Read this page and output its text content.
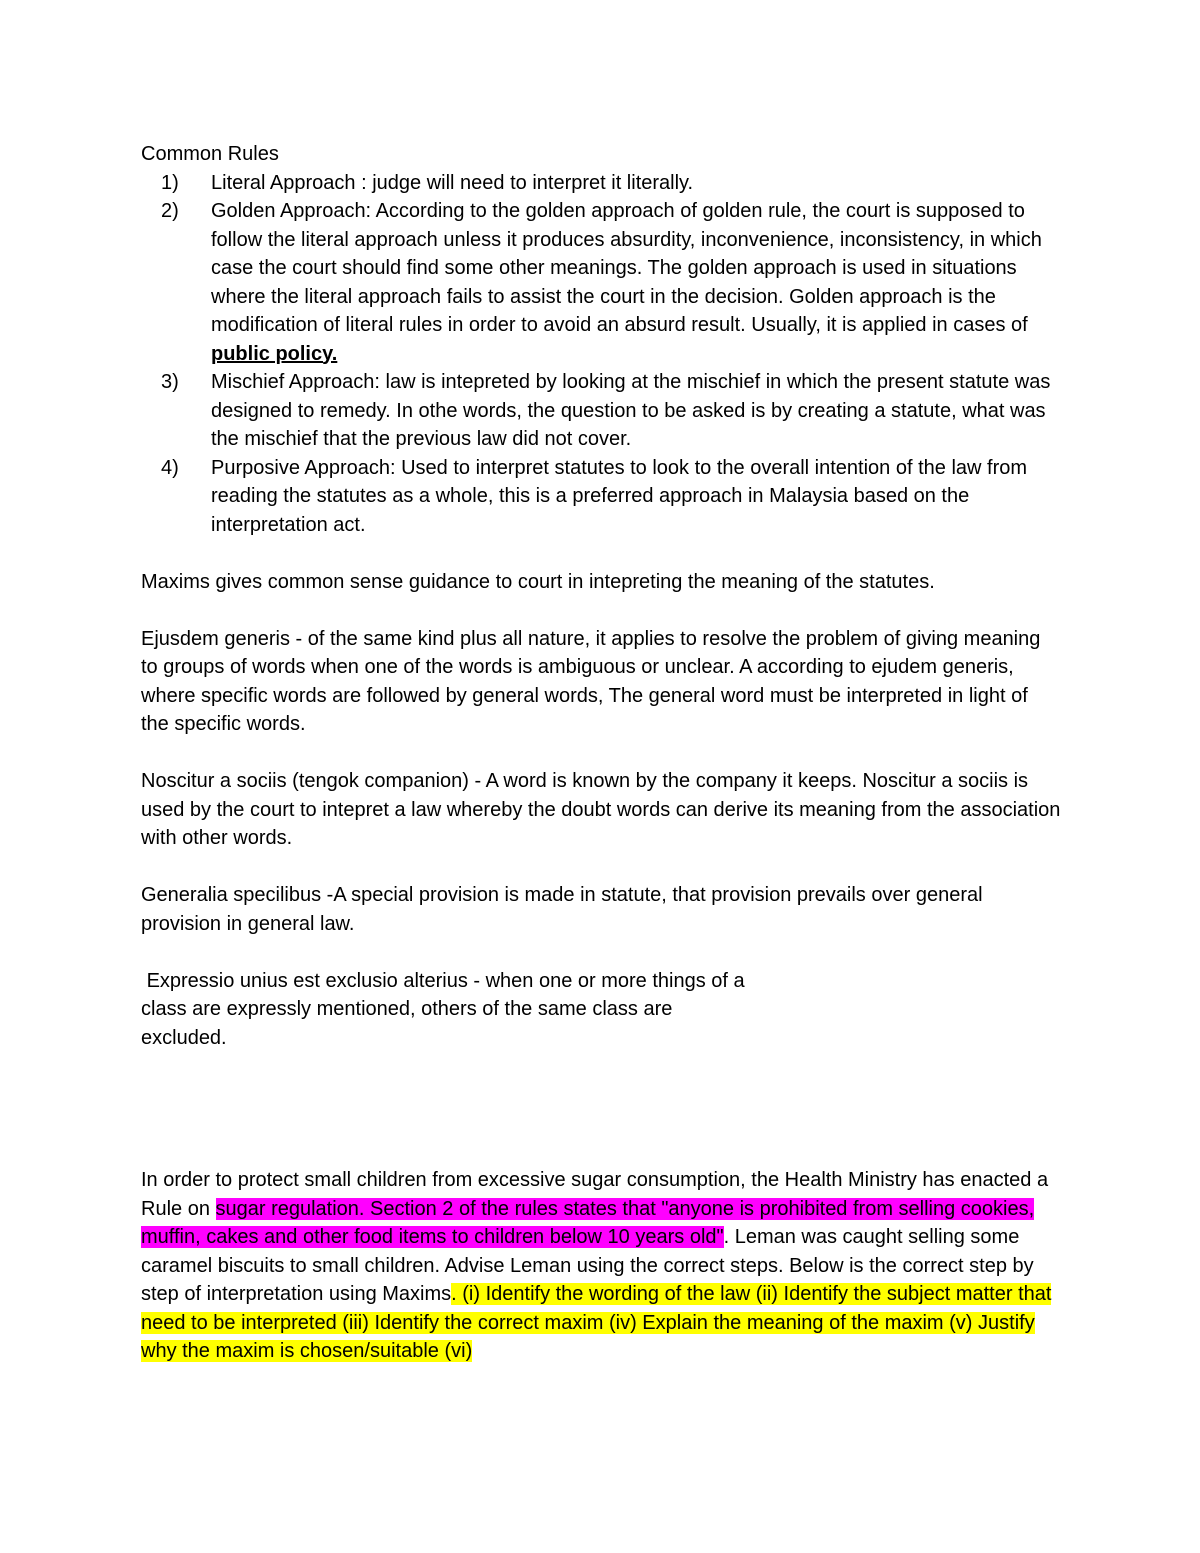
Common Rules

1) Literal Approach : judge will need to interpret it literally.
2) Golden Approach: According to the golden approach of golden rule, the court is supposed to follow the literal approach unless it produces absurdity, inconvenience, inconsistency, in which case the court should find some other meanings. The golden approach is used in situations where the literal approach fails to assist the court in the decision. Golden approach is the modification of literal rules in order to avoid an absurd result. Usually, it is applied in cases of public policy.
3) Mischief Approach: law is intepreted by looking at the mischief in which the present statute was designed to remedy. In othe words, the question to be asked is by creating a statute, what was the mischief that the previous law did not cover.
4) Purposive Approach: Used to interpret statutes to look to the overall intention of the law from reading the statutes as a whole, this is a preferred approach in Malaysia based on the interpretation act.

Maxims gives common sense guidance to court in intepreting the meaning of the statutes.

Ejusdem generis - of the same kind plus all nature, it applies to resolve the problem of giving meaning to groups of words when one of the words is ambiguous or unclear. A according to ejudem generis, where specific words are followed by general words, The general word must be interpreted in light of the specific words.

Noscitur a sociis (tengok companion) - A word is known by the company it keeps. Noscitur a sociis is used by the court to intepret a law whereby the doubt words can derive its meaning from the association with other words.

Generalia specilibus -A special provision is made in statute, that provision prevails over general provision in general law.

Expressio unius est exclusio alterius - when one or more things of a class are expressly mentioned, others of the same class are excluded.

In order to protect small children from excessive sugar consumption, the Health Ministry has enacted a Rule on sugar regulation. Section 2 of the rules states that "anyone is prohibited from selling cookies, muffin, cakes and other food items to children below 10 years old". Leman was caught selling some caramel biscuits to small children. Advise Leman using the correct steps. Below is the correct step by step of interpretation using Maxims. (i) Identify the wording of the law (ii) Identify the subject matter that need to be interpreted (iii) Identify the correct maxim (iv) Explain the meaning of the maxim (v) Justify why the maxim is chosen/suitable (vi)
